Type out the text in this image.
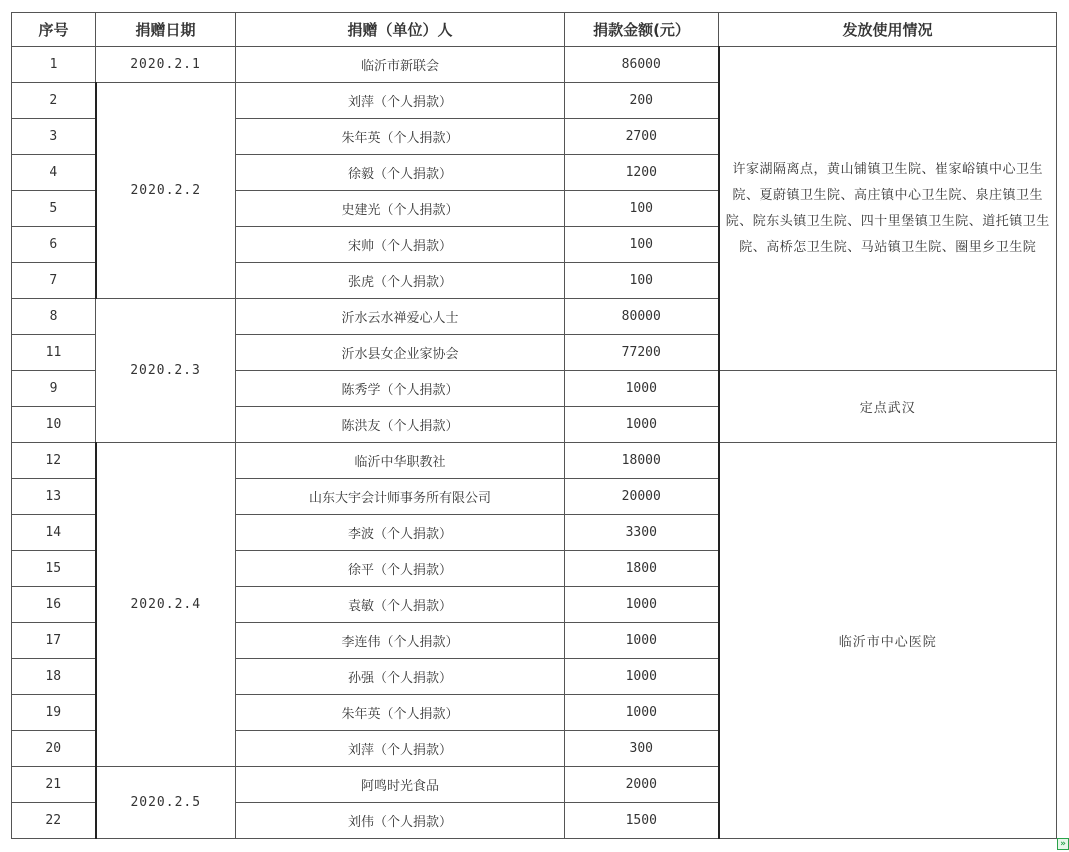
序号	捐赠日期	捐赠（单位）人	捐款金额(元）	发放使用情况
1	2020.2.1	临沂市新联会	86000	许家湖隔离点，黄山铺镇卫生院、崔家峪镇中心卫生院、夏蔚镇卫生院、高庄镇中心卫生院、泉庄镇卫生院、院东头镇卫生院、四十里堡镇卫生院、道托镇卫生院、高桥怎卫生院、马站镇卫生院、圈里乡卫生院
2	2020.2.2	刘萍（个人捐款）	200	
3		朱年英（个人捐款）	2700	
4		徐毅（个人捐款）	1200	
5		史建光（个人捐款）	100	
6		宋帅（个人捐款）	100	
7		张虎（个人捐款）	100	
8	2020.2.3	沂水云水禅爱心人士	80000	
11		沂水县女企业家协会	77200	
9		陈秀学（个人捐款）	1000	定点武汉
10		陈洪友（个人捐款）	1000	
12	2020.2.4	临沂中华职教社	18000	临沂市中心医院
13		山东大宇会计师事务所有限公司	20000	
14		李波（个人捐款）	3300	
15		徐平（个人捐款）	1800	
16		袁敏（个人捐款）	1000	
17		李连伟（个人捐款）	1000	
18		孙强（个人捐款）	1000	
19		朱年英（个人捐款）	1000	
20		刘萍（个人捐款）	300	
21	2020.2.5	阿鸣时光食品	2000	
22		刘伟（个人捐款）	1500	
»
